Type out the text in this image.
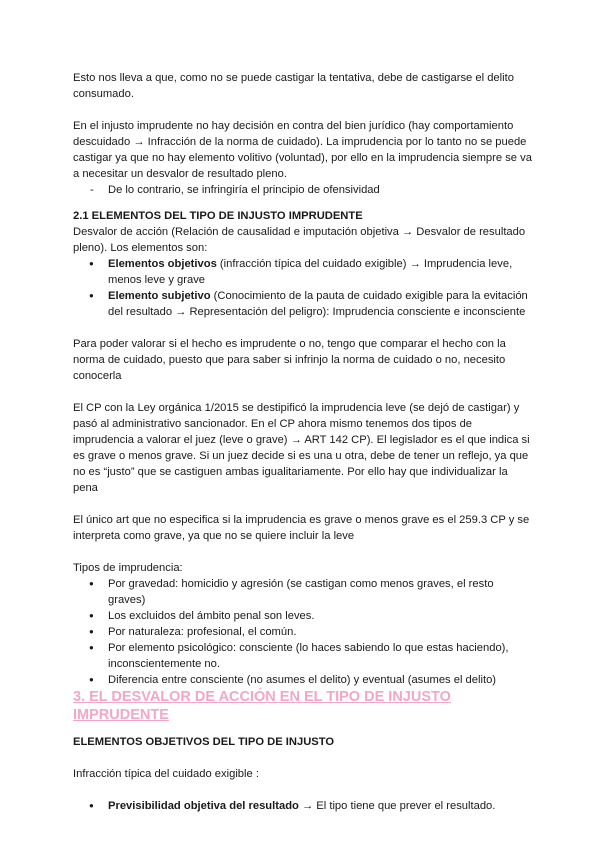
Esto nos lleva a que, como no se puede castigar la tentativa, debe de castigarse el delito consumado.

En el injusto imprudente no hay decisión en contra del bien jurídico (hay comportamiento descuidado → Infracción de la norma de cuidado). La imprudencia por lo tanto no se puede castigar ya que no hay elemento volitivo (voluntad), por ello en la imprudencia siempre se va a necesitar un desvalor de resultado pleno.

- De lo contrario, se infringiría el principio de ofensividad
2.1 ELEMENTOS DEL TIPO DE INJUSTO IMPRUDENTE

Desvalor de acción (Relación de causalidad e imputación objetiva → Desvalor de resultado pleno). Los elementos son:

● Elementos objetivos (infracción típica del cuidado exigible) → Imprudencia leve, menos leve y grave
● Elemento subjetivo (Conocimiento de la pauta de cuidado exigible para la evitación del resultado → Representación del peligro): Imprudencia consciente e inconsciente

Para poder valorar si el hecho es imprudente o no, tengo que comparar el hecho con la norma de cuidado, puesto que para saber si infrinjo la norma de cuidado o no, necesito conocerla

El CP con la Ley orgánica 1/2015 se destipificó la imprudencia leve (se dejó de castigar) y pasó al administrativo sancionador. En el CP ahora mismo tenemos dos tipos de imprudencia a valorar el juez (leve o grave) → ART 142 CP). El legislador es el que indica si es grave o menos grave. Si un juez decide si es una u otra, debe de tener un reflejo, ya que no es “justo” que se castiguen ambas igualitariamente. Por ello hay que individualizar la pena

El único art que no especifica si la imprudencia es grave o menos grave es el 259.3 CP y se interpreta como grave, ya que no se quiere incluir la leve

Tipos de imprudencia:

● Por gravedad: homicidio y agresión (se castigan como menos graves, el resto graves)
● Los excluidos del ámbito penal son leves.
● Por naturaleza: profesional, el común.
● Por elemento psicológico: consciente (lo haces sabiendo lo que estas haciendo), inconscientemente no.
● Diferencia entre consciente (no asumes el delito) y eventual (asumes el delito)
3. EL DESVALOR DE ACCIÓN EN EL TIPO DE INJUSTO IMPRUDENTE
ELEMENTOS OBJETIVOS DEL TIPO DE INJUSTO

Infracción típica del cuidado exigible :

● Previsibilidad objetiva del resultado → El tipo tiene que prever el resultado.
